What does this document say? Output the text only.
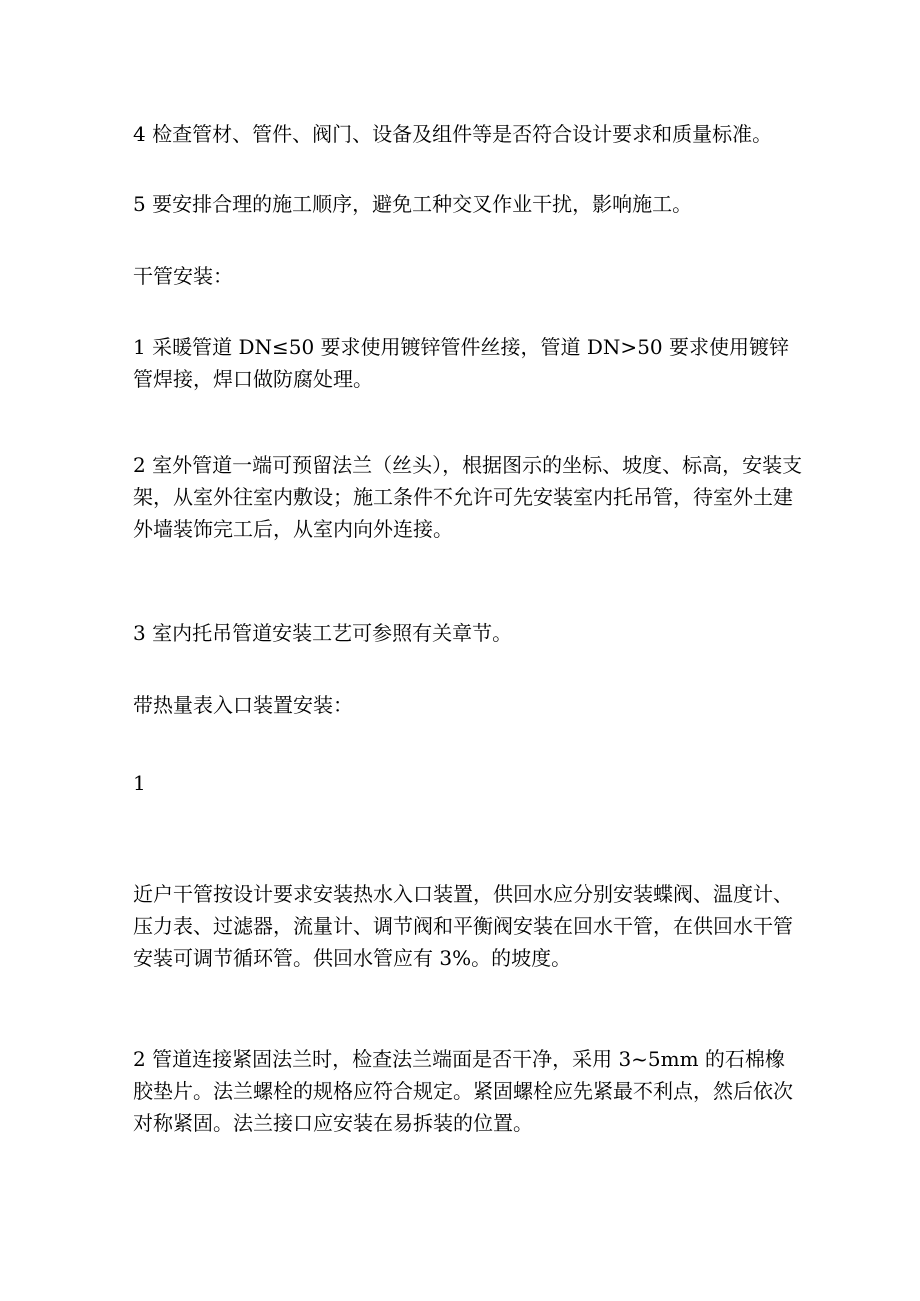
4 检查管材、管件、阀门、设备及组件等是否符合设计要求和质量标准。

5 要安排合理的施工顺序，避免工种交叉作业干扰，影响施工。

干管安装：

1 采暖管道 DN≤50 要求使用镀锌管件丝接，管道 DN>50 要求使用镀锌管焊接，焊口做防腐处理。

2 室外管道一端可预留法兰（丝头），根据图示的坐标、坡度、标高，安装支架，从室外往室内敷设；施工条件不允许可先安装室内托吊管，待室外土建外墙装饰完工后，从室内向外连接。

3 室内托吊管道安装工艺可参照有关章节。

带热量表入口装置安装：

1

近户干管按设计要求安装热水入口装置，供回水应分别安装蝶阀、温度计、压力表、过滤器，流量计、调节阀和平衡阀安装在回水干管，在供回水干管安装可调节循环管。供回水管应有 3%。的坡度。

2 管道连接紧固法兰时，检查法兰端面是否干净，采用 3~5mm 的石棉橡胶垫片。法兰螺栓的规格应符合规定。紧固螺栓应先紧最不利点，然后依次对称紧固。法兰接口应安装在易拆装的位置。
